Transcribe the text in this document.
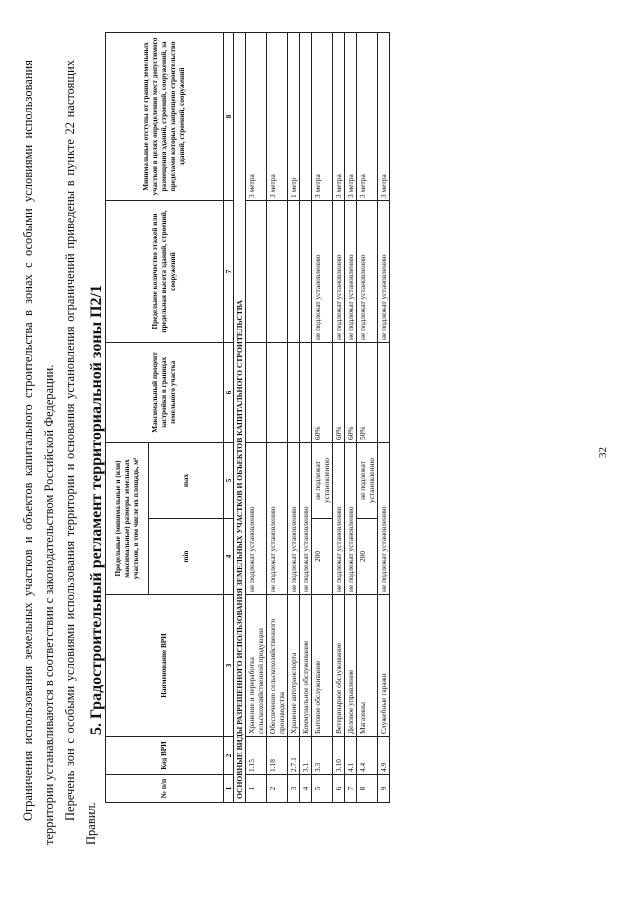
32

Ограничения использования земельных участков и объектов капитального строительства в зонах с особыми условиями использования территории устанавливаются в соответствии с законодательством Российской Федерации. Перечень зон с особыми условиями использования территории и основания установления ограничений приведены в пункте 22 настоящих Правил.

5. Градостроительный регламент территориальной зоны П2/1
№ п/п	Код ВРИ	Наименование ВРИ	Предельные (минимальные и (или) максимальные) размеры земельных участков, в том числе их площадь, м²		Максимальный процент застройки в границах земельного участка	Предельное количество этажей или предельная высота зданий, строений, сооружений	Минимальные отступы от границ земельных участков в целях определения мест допустимого размещения зданий, строений, сооружений, за пределами которых запрещено строительство зданий, строений, сооружений
			min	max			
1	2	3	4	5	6	7	8
ОСНОВНЫЕ ВИДЫ РАЗРЕШЕННОГО ИСПОЛЬЗОВАНИЯ ЗЕМЕЛЬНЫХ УЧАСТКОВ И ОБЪЕКТОВ КАПИТАЛЬНОГО СТРОИТЕЛЬСТВА							
1	1.15	Хранение и переработка сельскохозяйственной продукции	не подлежат установлению				3 метра
2	1.18	Обеспечение сельскохозяйственного производства	не подлежат установлению				3 метра
3	2.7.1	Хранение автотранспорта	не подлежат установлению				1 метр
4	3.1	Коммунальное обслуживание	не подлежат установлению				
5	3.3	Бытовое обслуживание	200	не подлежат установлению	60%	не подлежат установлению	3 метра
6	3.10	Ветеринарное обслуживание	не подлежат установлению		60%	не подлежат установлению	3 метра
7	4.1	Деловое управление	не подлежат установлению		60%	не подлежат установлению	3 метра
8	4.4	Магазины	200	не подлежат установлению	50%	не подлежат установлению	3 метра
9	4.9	Служебные гаражи	не подлежат установлению			не подлежат установлению	3 метра
